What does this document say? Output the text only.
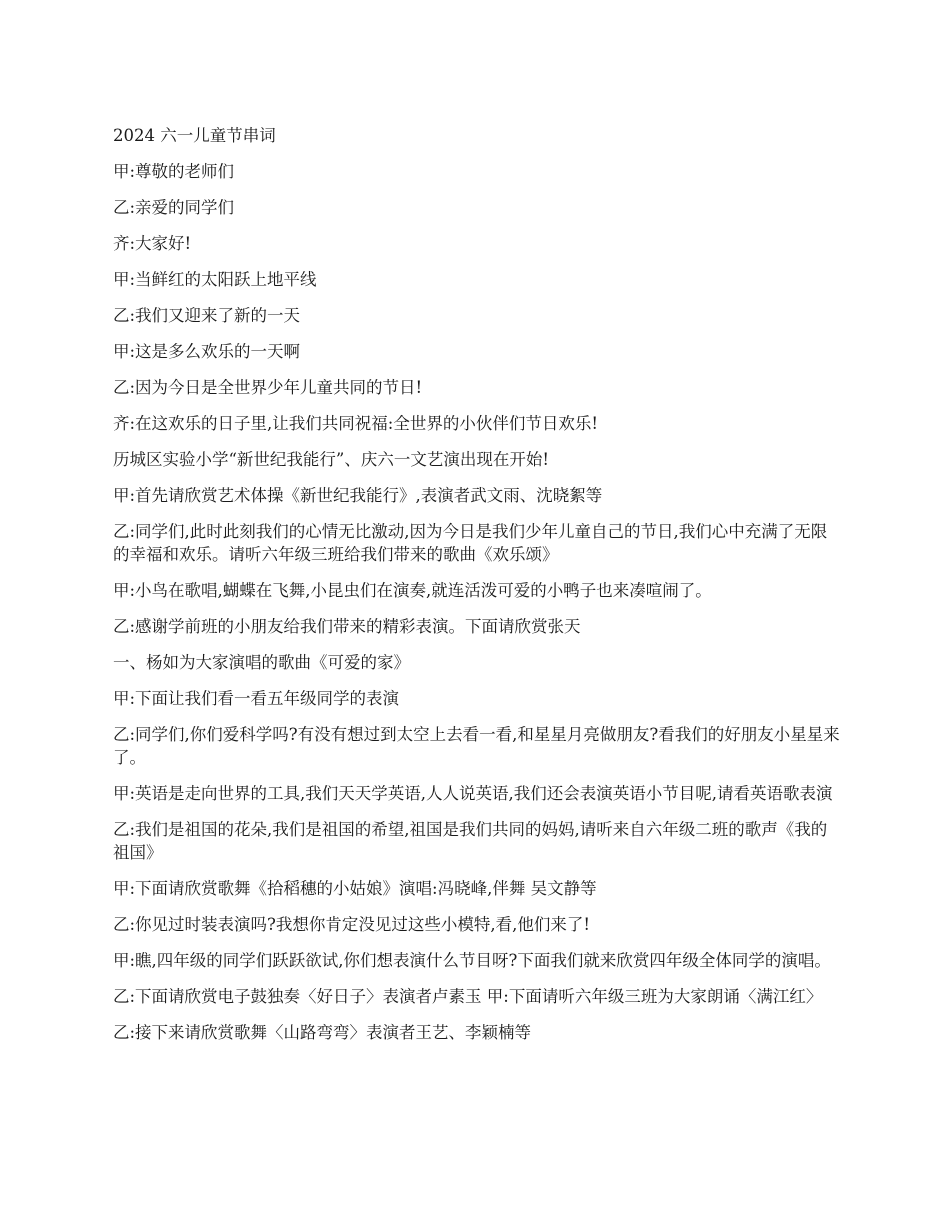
2024 六一儿童节串词

甲:尊敬的老师们

乙:亲爱的同学们

齐:大家好!

甲:当鲜红的太阳跃上地平线

乙:我们又迎来了新的一天

甲:这是多么欢乐的一天啊

乙:因为今日是全世界少年儿童共同的节日!

齐:在这欢乐的日子里,让我们共同祝福:全世界的小伙伴们节日欢乐!

历城区实验小学“新世纪我能行”、庆六一文艺演出现在开始!

甲:首先请欣赏艺术体操《新世纪我能行》,表演者武文雨、沈晓絮等

乙:同学们,此时此刻我们的心情无比激动,因为今日是我们少年儿童自己的节日,我们心中充满了无限的幸福和欢乐。请听六年级三班给我们带来的歌曲《欢乐颂》

甲:小鸟在歌唱,蝴蝶在飞舞,小昆虫们在演奏,就连活泼可爱的小鸭子也来凑喧闹了。

乙:感谢学前班的小朋友给我们带来的精彩表演。下面请欣赏张天

一、杨如为大家演唱的歌曲《可爱的家》

甲:下面让我们看一看五年级同学的表演

乙:同学们,你们爱科学吗?有没有想过到太空上去看一看,和星星月亮做朋友?看我们的好朋友小星星来了。

甲:英语是走向世界的工具,我们天天学英语,人人说英语,我们还会表演英语小节目呢,请看英语歌表演

乙:我们是祖国的花朵,我们是祖国的希望,祖国是我们共同的妈妈,请听来自六年级二班的歌声《我的祖国》

甲:下面请欣赏歌舞《拾稻穗的小姑娘》演唱:冯晓峰,伴舞 吴文静等

乙:你见过时装表演吗?我想你肯定没见过这些小模特,看,他们来了!

甲:瞧,四年级的同学们跃跃欲试,你们想表演什么节目呀?下面我们就来欣赏四年级全体同学的演唱。

乙:下面请欣赏电子鼓独奏〈好日子〉表演者卢素玉 甲:下面请听六年级三班为大家朗诵〈满江红〉

乙:接下来请欣赏歌舞〈山路弯弯〉表演者王艺、李颖楠等
